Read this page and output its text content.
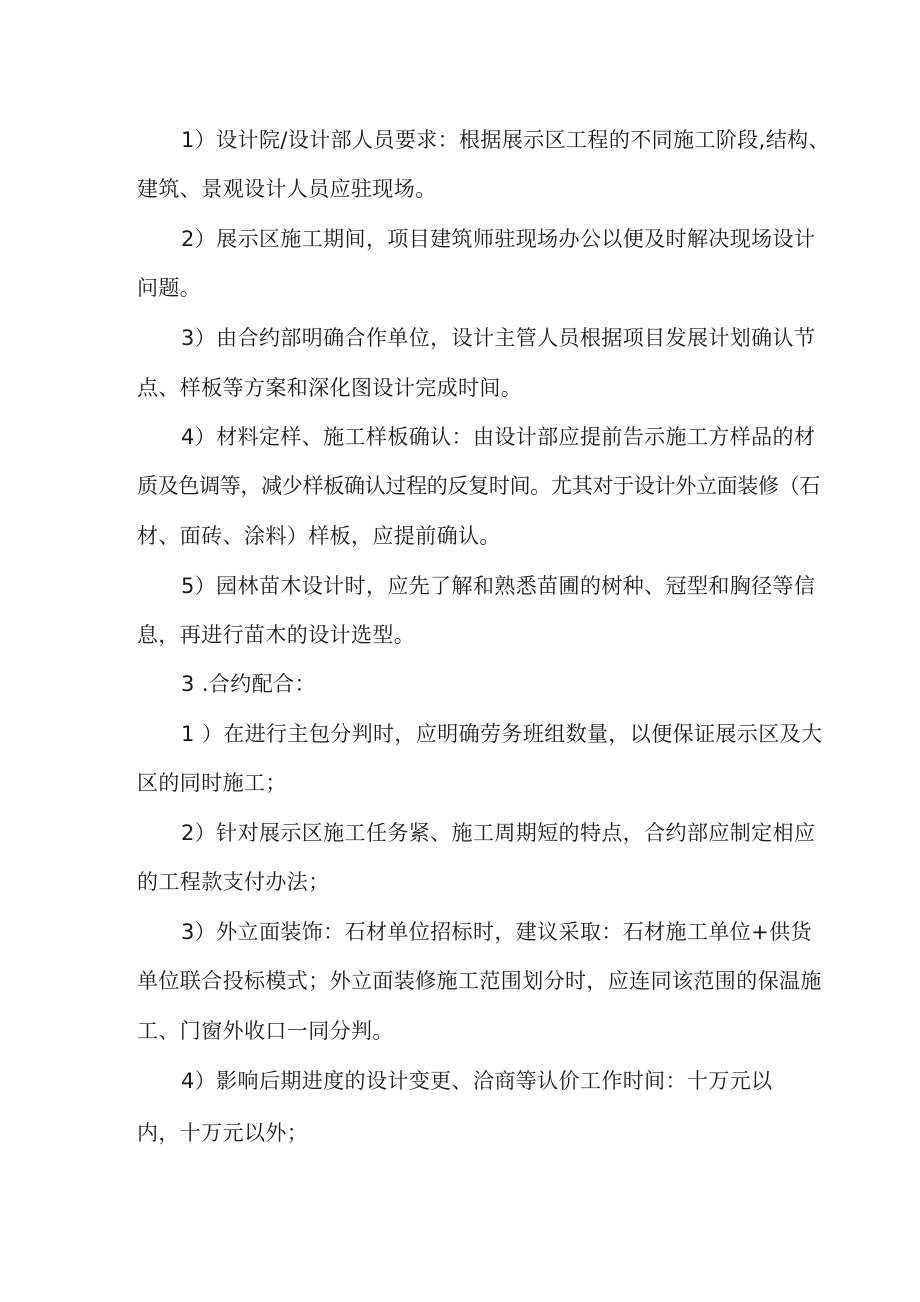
1）设计院/设计部人员要求：根据展示区工程的不同施工阶段,结构、
建筑、景观设计人员应驻现场。
2）展示区施工期间，项目建筑师驻现场办公以便及时解决现场设计
问题。
3）由合约部明确合作单位，设计主管人员根据项目发展计划确认节
点、样板等方案和深化图设计完成时间。
4）材料定样、施工样板确认：由设计部应提前告示施工方样品的材
质及色调等，减少样板确认过程的反复时间。尤其对于设计外立面装修（石
材、面砖、涂料）样板，应提前确认。
5）园林苗木设计时，应先了解和熟悉苗圃的树种、冠型和胸径等信
息，再进行苗木的设计选型。
3 .合约配合：
1 ）在进行主包分判时，应明确劳务班组数量，以便保证展示区及大
区的同时施工；
2）针对展示区施工任务紧、施工周期短的特点，合约部应制定相应
的工程款支付办法；
3）外立面装饰：石材单位招标时，建议采取：石材施工单位+供货
单位联合投标模式；外立面装修施工范围划分时，应连同该范围的保温施
工、门窗外收口一同分判。
4）影响后期进度的设计变更、洽商等认价工作时间：十万元以
内，十万元以外；
